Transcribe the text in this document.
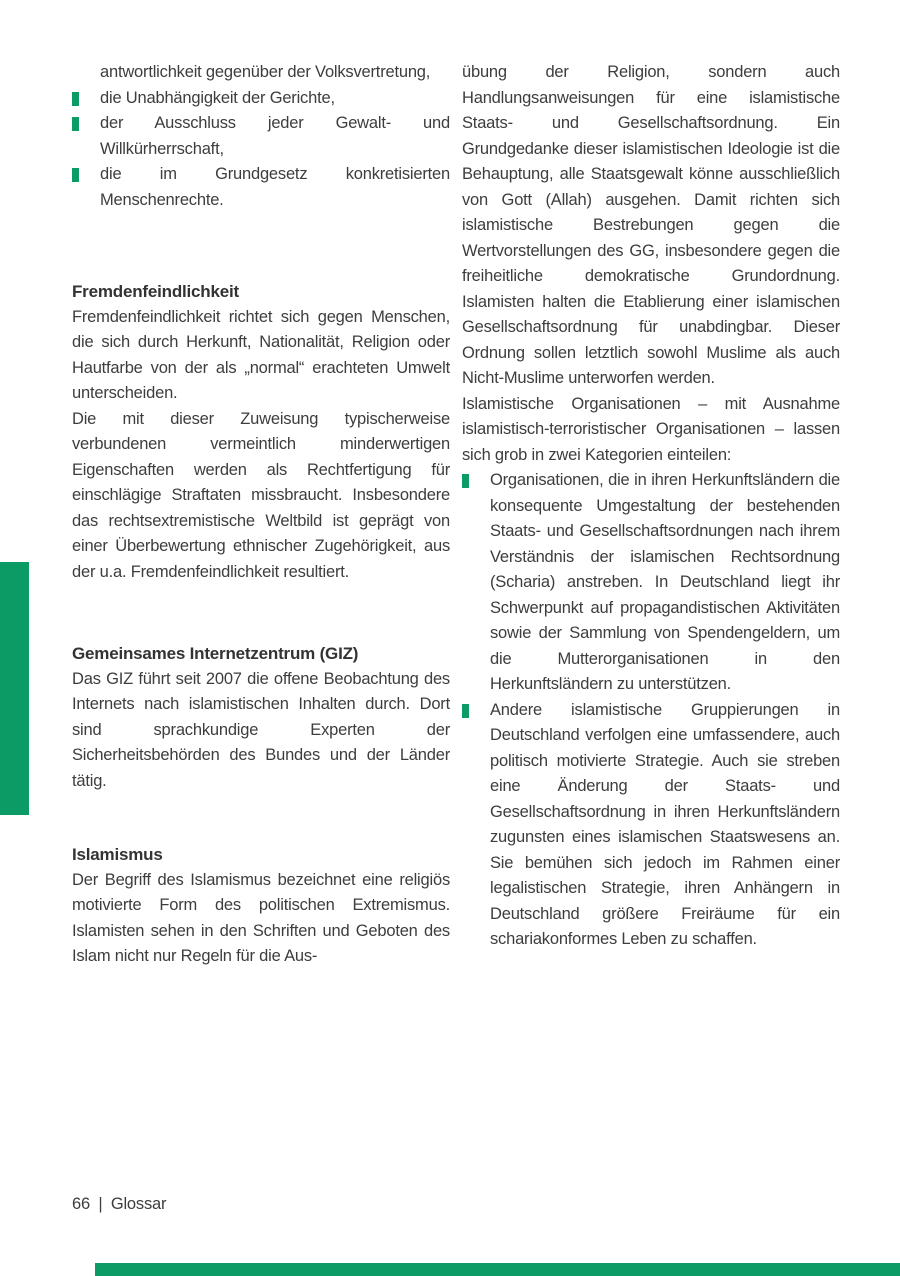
antwortlichkeit gegenüber der Volksvertretung,
die Unabhängigkeit der Gerichte,
der Ausschluss jeder Gewalt- und Willkürherrschaft,
die im Grundgesetz konkretisierten Menschenrechte.
Fremdenfeindlichkeit

Fremdenfeindlichkeit richtet sich gegen Menschen, die sich durch Herkunft, Nationalität, Religion oder Hautfarbe von der als „normal“ erachteten Umwelt unterscheiden.

Die mit dieser Zuweisung typischerweise verbundenen vermeintlich minderwertigen Eigenschaften werden als Rechtfertigung für einschlägige Straftaten missbraucht. Insbesondere das rechtsextremistische Weltbild ist geprägt von einer Überbewertung ethnischer Zugehörigkeit, aus der u.a. Fremdenfeindlichkeit resultiert.

Gemeinsames Internetzentrum (GIZ)

Das GIZ führt seit 2007 die offene Beobachtung des Internets nach islamistischen Inhalten durch. Dort sind sprachkundige Experten der Sicherheitsbehörden des Bundes und der Länder tätig.

Islamismus

Der Begriff des Islamismus bezeichnet eine religiös motivierte Form des politischen Extremismus. Islamisten sehen in den Schriften und Geboten des Islam nicht nur Regeln für die Aus-

übung der Religion, sondern auch Handlungsanweisungen für eine islamistische Staats- und Gesellschaftsordnung. Ein Grundgedanke dieser islamistischen Ideologie ist die Behauptung, alle Staatsgewalt könne ausschließlich von Gott (Allah) ausgehen. Damit richten sich islamistische Bestrebungen gegen die Wertvorstellungen des GG, insbesondere gegen die freiheitliche demokratische Grundordnung. Islamisten halten die Etablierung einer islamischen Gesellschaftsordnung für unabdingbar. Dieser Ordnung sollen letztlich sowohl Muslime als auch Nicht-Muslime unterworfen werden.

Islamistische Organisationen – mit Ausnahme islamistisch-terroristischer Organisationen – lassen sich grob in zwei Kategorien einteilen:

Organisationen, die in ihren Herkunftsländern die konsequente Umgestaltung der bestehenden Staats- und Gesellschaftsordnungen nach ihrem Verständnis der islamischen Rechtsordnung (Scharia) anstreben. In Deutschland liegt ihr Schwerpunkt auf propagandistischen Aktivitäten sowie der Sammlung von Spendengeldern, um die Mutterorganisationen in den Herkunftsländern zu unterstützen.
Andere islamistische Gruppierungen in Deutschland verfolgen eine umfassendere, auch politisch motivierte Strategie. Auch sie streben eine Änderung der Staats- und Gesellschaftsordnung in ihren Herkunftsländern zugunsten eines islamischen Staatswesens an. Sie bemühen sich jedoch im Rahmen einer legalistischen Strategie, ihren Anhängern in Deutschland größere Freiräume für ein schariakonformes Leben zu schaffen.
66 | Glossar
